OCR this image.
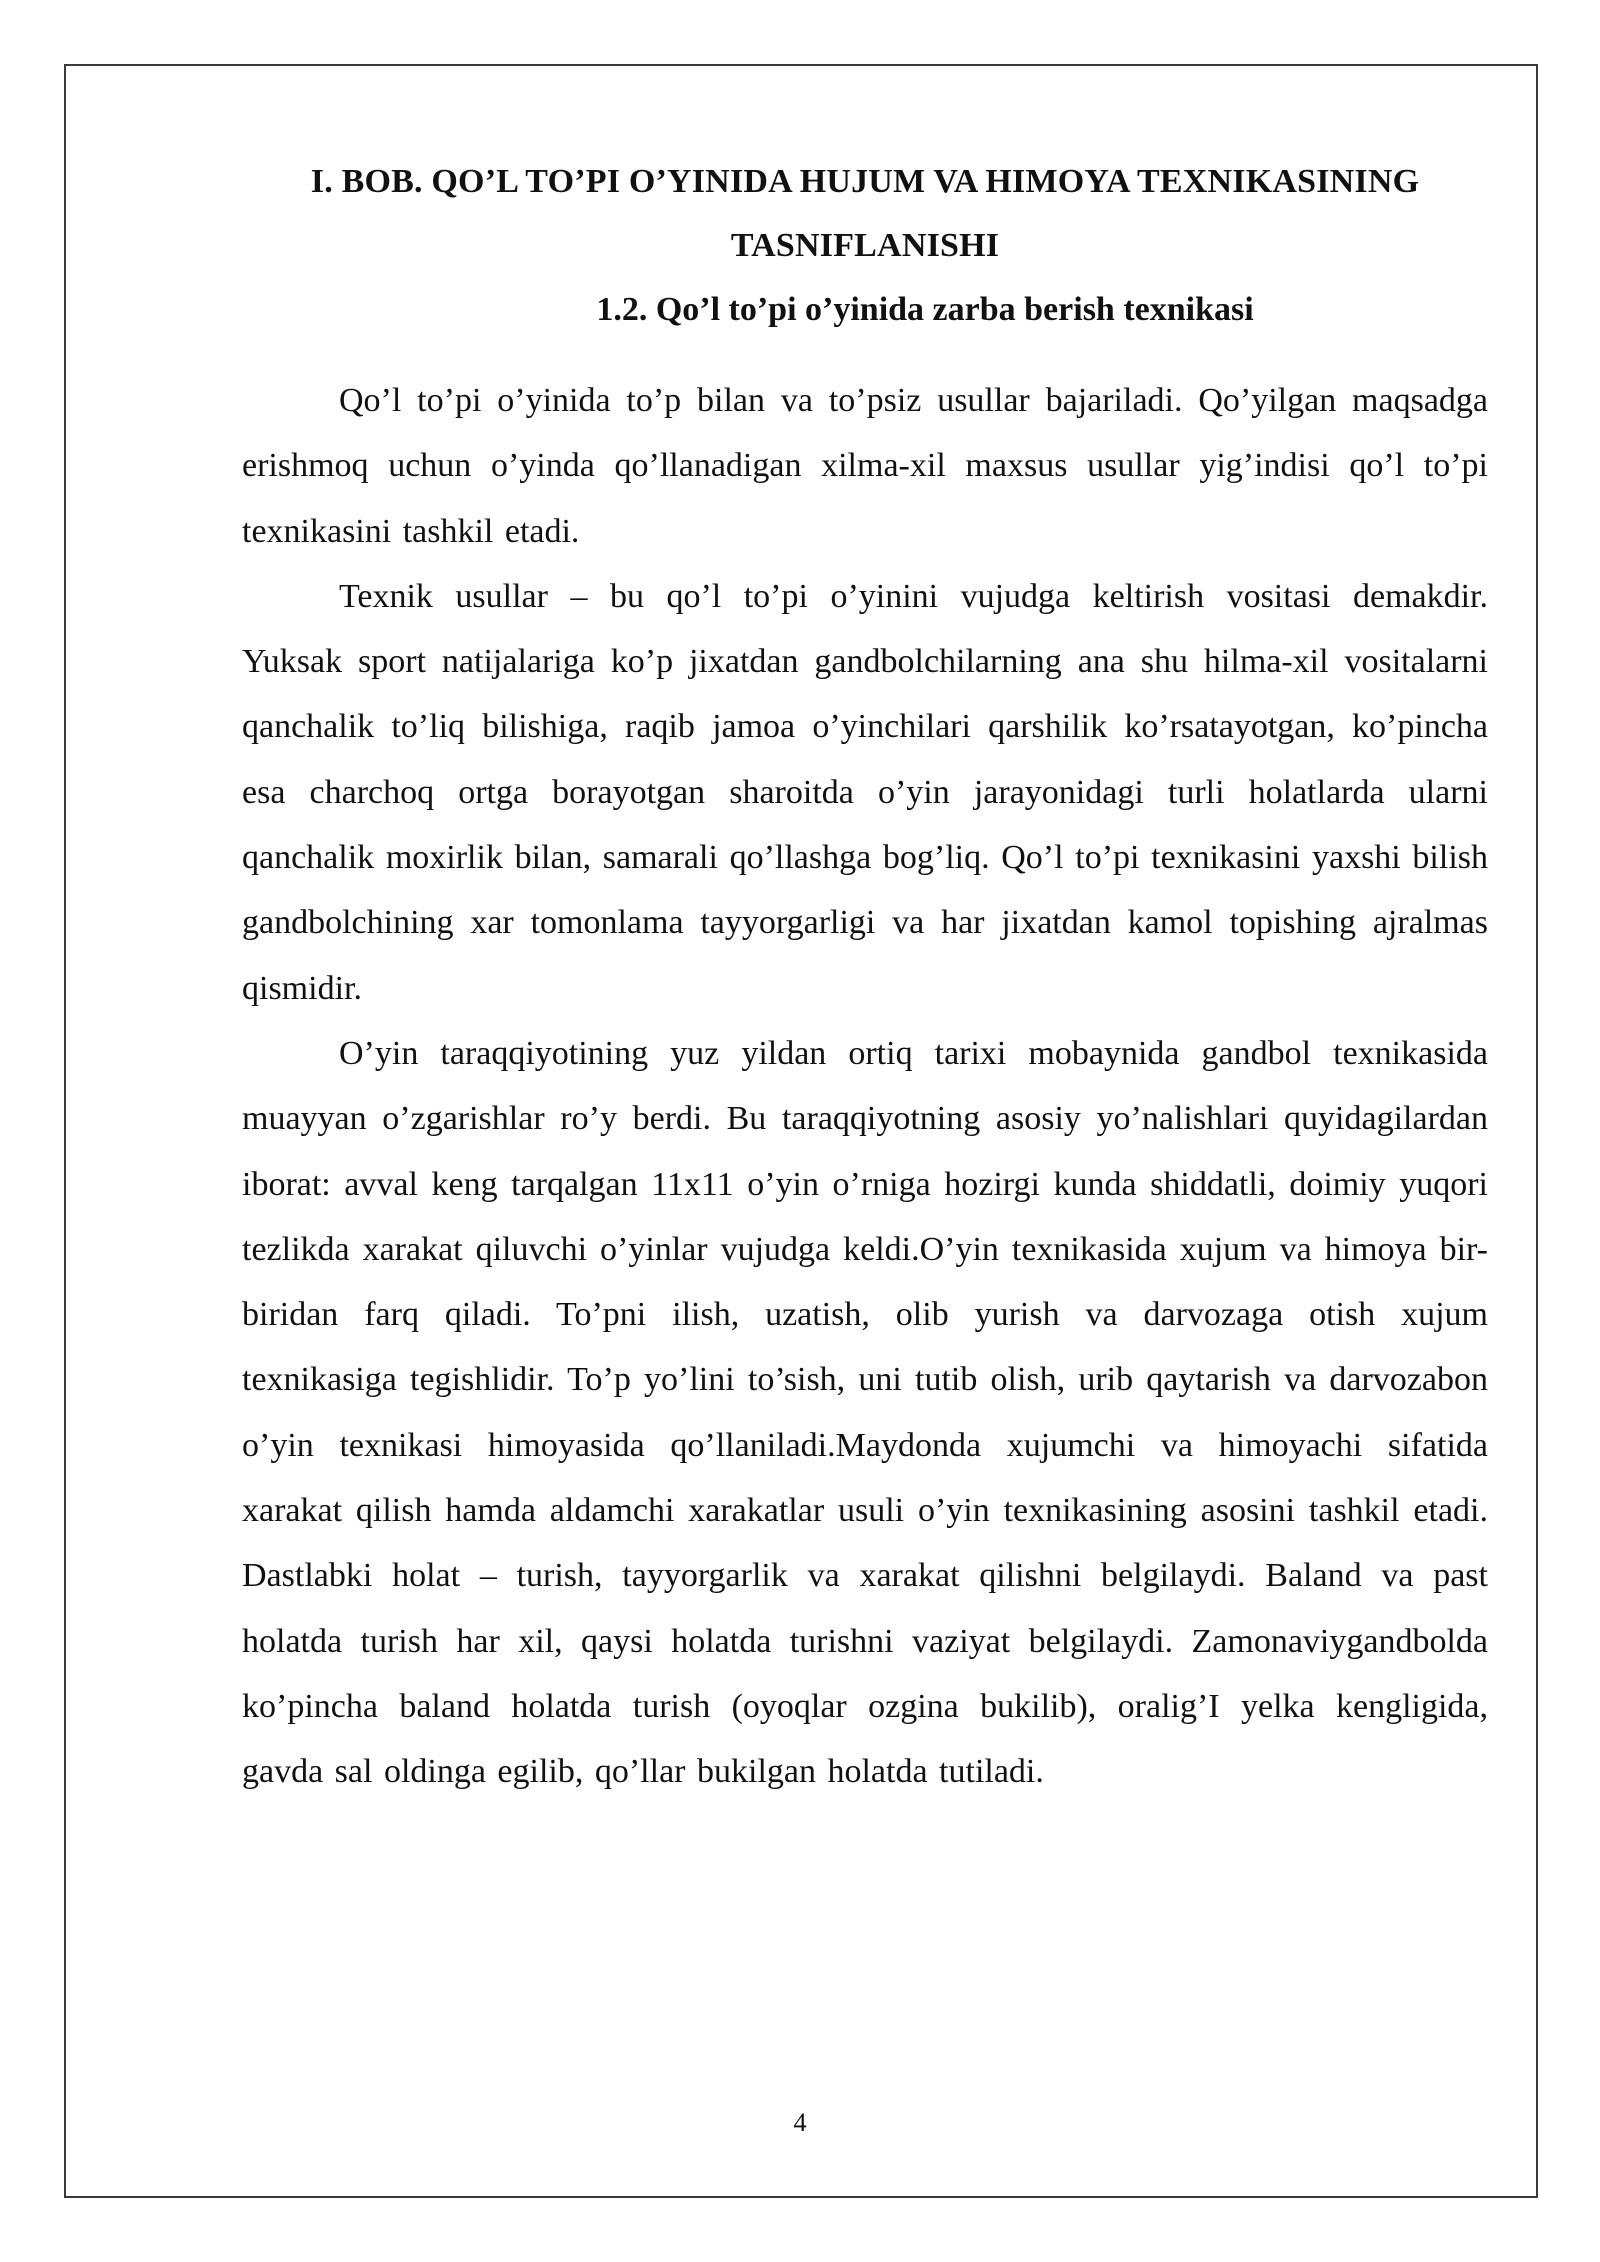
I. BOB. QO’L TO’PI O’YINIDA HUJUM VA HIMOYA TEXNIKASINING TASNIFLANISHI
1.2. Qo’l to’pi o’yinida zarba berish texnikasi

Qo’l to’pi o’yinida to’p bilan va to’psiz usullar bajariladi. Qo’yilgan maqsadga erishmoq uchun o’yinda qo’llanadigan xilma-xil maxsus usullar yig’indisi qo’l to’pi texnikasini tashkil etadi.

Texnik usullar – bu qo’l to’pi o’yinini vujudga keltirish vositasi demakdir. Yuksak sport natijalariga ko’p jixatdan gandbolchilarning ana shu hilma-xil vositalarni qanchalik to’liq bilishiga, raqib jamoa o’yinchilari qarshilik ko’rsatayotgan, ko’pincha esa charchoq ortga borayotgan sharoitda o’yin jarayonidagi turli holatlarda ularni qanchalik moxirlik bilan, samarali qo’llashga bog’liq. Qo’l to’pi texnikasini yaxshi bilish gandbolchining xar tomonlama tayyorgarligi va har jixatdan kamol topishing ajralmas qismidir.

O’yin taraqqiyotining yuz yildan ortiq tarixi mobaynida gandbol texnikasida muayyan o’zgarishlar ro’y berdi. Bu taraqqiyotning asosiy yo’nalishlari quyidagilardan iborat: avval keng tarqalgan 11x11 o’yin o’rniga hozirgi kunda shiddatli, doimiy yuqori tezlikda xarakat qiluvchi o’yinlar vujudga keldi.O’yin texnikasida xujum va himoya bir-biridan farq qiladi. To’pni ilish, uzatish, olib yurish va darvozaga otish xujum texnikasiga tegishlidir. To’p yo’lini to’sish, uni tutib olish, urib qaytarish va darvozabon o’yin texnikasi himoyasida qo’llaniladi.Maydonda xujumchi va himoyachi sifatida xarakat qilish hamda aldamchi xarakatlar usuli o’yin texnikasining asosini tashkil etadi. Dastlabki holat – turish, tayyorgarlik va xarakat qilishni belgilaydi. Baland va past holatda turish har xil, qaysi holatda turishni vaziyat belgilaydi. Zamonaviygandbolda ko’pincha baland holatda turish (oyoqlar ozgina bukilib), oralig’I yelka kengligida, gavda sal oldinga egilib, qo’llar bukilgan holatda tutiladi.

4
